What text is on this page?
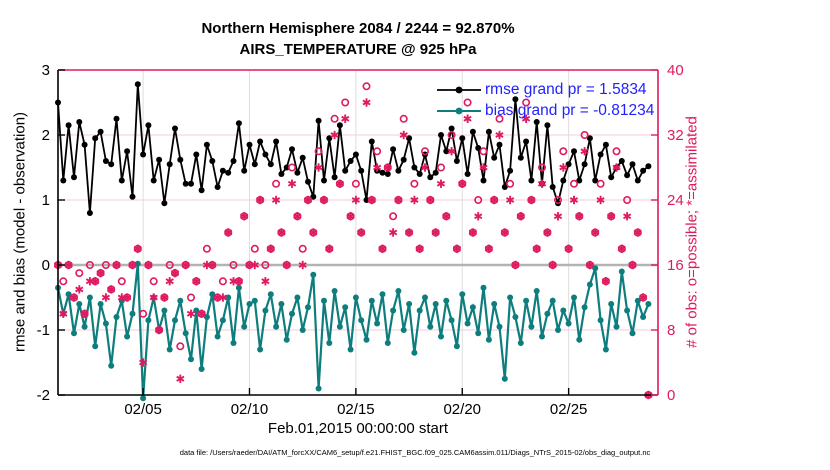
Northern Hemisphere 2084 / 2244 = 92.870%
AIRS_TEMPERATURE @ 925 hPa
rmse and bias (model - observation)	# of obs: o=possible; *=assimilated
3
2
1
0
-1
-2
40
32
24
16
8
0
02/05	02/10	02/15	02/20	02/25
rmse grand pr = 1.5834
bias grand pr = -0.81234
Feb.01,2015 00:00:00 start
data file: /Users/raeder/DAI/ATM_forcXX/CAM6_setup/f.e21.FHIST_BGC.f09_025.CAM6assim.011/Diags_NTrS_2015-02/obs_diag_output.nc
